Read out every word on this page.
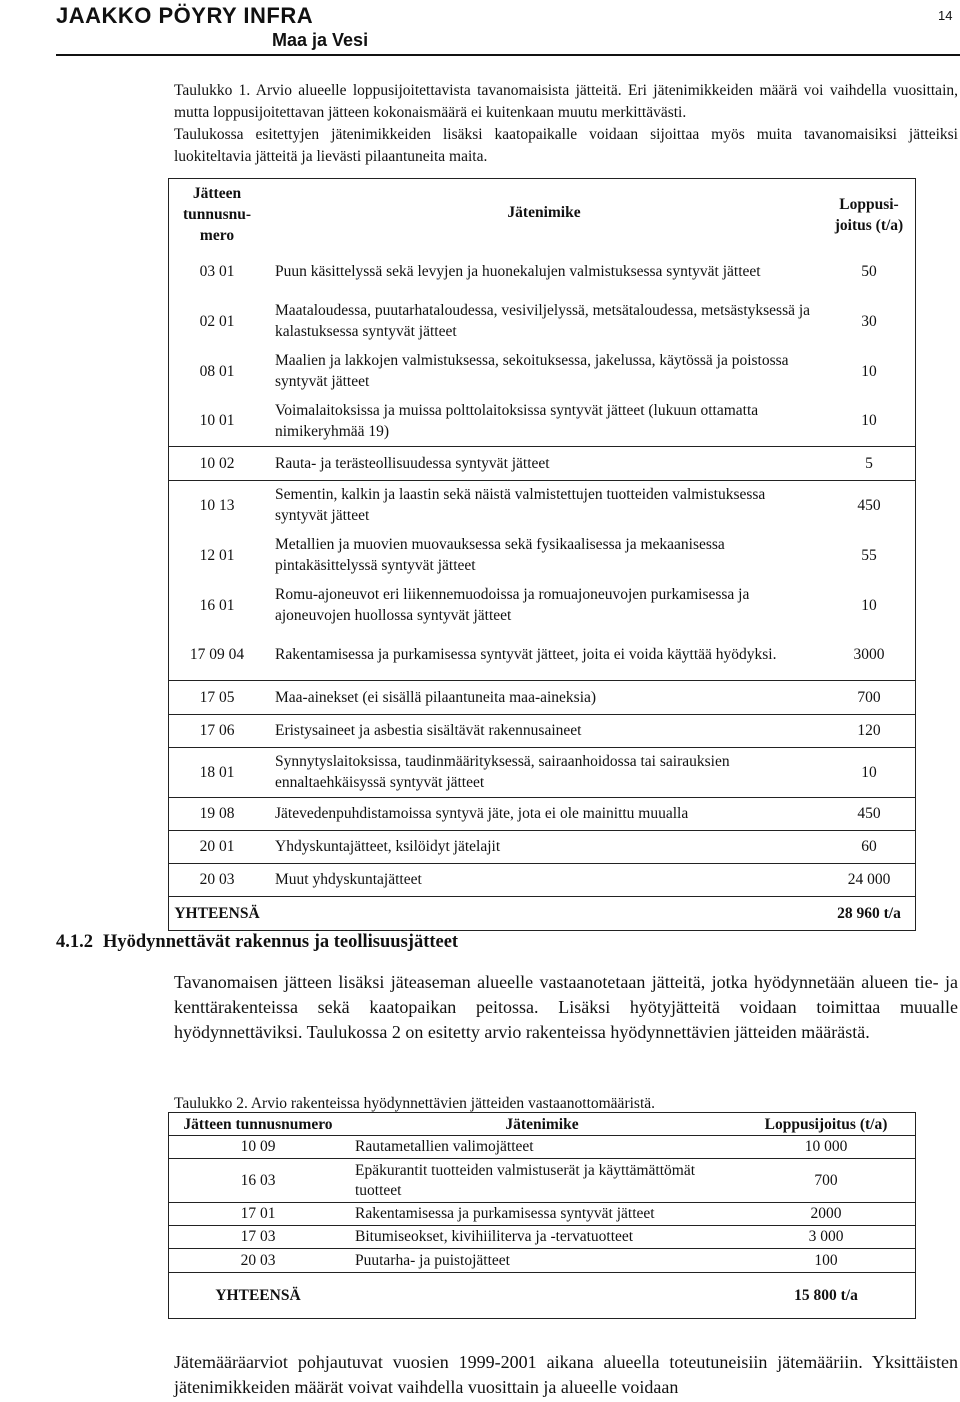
JAAKKO PÖYRY INFRA
Maa ja Vesi
14

Taulukko 1. Arvio alueelle loppusijoitettavista tavanomaisista jätteitä. Eri jätenimikkeiden määrä voi vaihdella vuosittain, mutta loppusijoitettavan jätteen kokonaismäärä ei kuitenkaan muutu merkittävästi.

Taulukossa esitettyjen jätenimikkeiden lisäksi kaatopaikalle voidaan sijoittaa myös muita tavanomaisiksi jätteiksi luokiteltavia jätteitä ja lievästi pilaantuneita maita.

Jätteen tunnusnu-mero	Jätenimike	Loppusi-joitus (t/a)
03 01	Puun käsittelyssä sekä levyjen ja huonekalujen valmistuksessa syntyvät jätteet	50
02 01	Maataloudessa, puutarhataloudessa, vesiviljelyssä, metsätaloudessa, metsästyksessä ja kalastuksessa syntyvät jätteet	30
08 01	Maalien ja lakkojen valmistuksessa, sekoituksessa, jakelussa, käytössä ja poistossa syntyvät jätteet	10
10 01	Voimalaitoksissa ja muissa polttolaitoksissa syntyvät jätteet (lukuun ottamatta nimikeryhmää 19)	10
10 02	Rauta- ja terästeollisuudessa syntyvät jätteet	5
10 13	Sementin, kalkin ja laastin sekä näistä valmistettujen tuotteiden valmistuksessa syntyvät jätteet	450
12 01	Metallien ja muovien muovauksessa sekä fysikaalisessa ja mekaanisessa pintakäsittelyssä syntyvät jätteet	55
16 01	Romu-ajoneuvot eri liikennemuodoissa ja romuajoneuvojen purkamisessa ja ajoneuvojen huollossa syntyvät jätteet	10
17 09 04	Rakentamisessa ja purkamisessa syntyvät jätteet, joita ei voida käyttää hyödyksi.	3000
17 05	Maa-ainekset (ei sisällä pilaantuneita maa-aineksia)	700
17 06	Eristysaineet ja asbestia sisältävät rakennusaineet	120
18 01	Synnytyslaitoksissa, taudinmäärityksessä, sairaanhoidossa tai sairauksien ennaltaehkäisyssä syntyvät jätteet	10
19 08	Jätevedenpuhdistamoissa syntyvä jäte, jota ei ole mainittu muualla	450
20 01	Yhdyskuntajätteet, ksilöidyt jätelajit	60
20 03	Muut yhdyskuntajätteet	24 000
YHTEENSÄ		28 960 t/a
4.1.2 Hyödynnettävät rakennus ja teollisuusjätteet

Tavanomaisen jätteen lisäksi jäteaseman alueelle vastaanotetaan jätteitä, jotka hyödynnetään alueen tie- ja kenttärakenteissa sekä kaatopaikan peitossa. Lisäksi hyötyjätteitä voidaan toimittaa muualle hyödynnettäviksi. Taulukossa 2 on esitetty arvio rakenteissa hyödynnettävien jätteiden määrästä.

Taulukko 2. Arvio rakenteissa hyödynnettävien jätteiden vastaanottomääristä.
Jätteen tunnusnumero	Jätenimike	Loppusijoitus (t/a)
10 09	Rautametallien valimojätteet	10 000
16 03	Epäkurantit tuotteiden valmistuserät ja käyttämättömät tuotteet	700
17 01	Rakentamisessa ja purkamisessa syntyvät jätteet	2000
17 03	Bitumiseokset, kivihiiliterva ja -tervatuotteet	3 000
20 03	Puutarha- ja puistojätteet	100
YHTEENSÄ		15 800 t/a

Jätemääräarviot pohjautuvat vuosien 1999-2001 aikana alueella toteutuneisiin jätemääriin. Yksittäisten jätenimikkeiden määrät voivat vaihdella vuosittain ja alueelle voidaan
